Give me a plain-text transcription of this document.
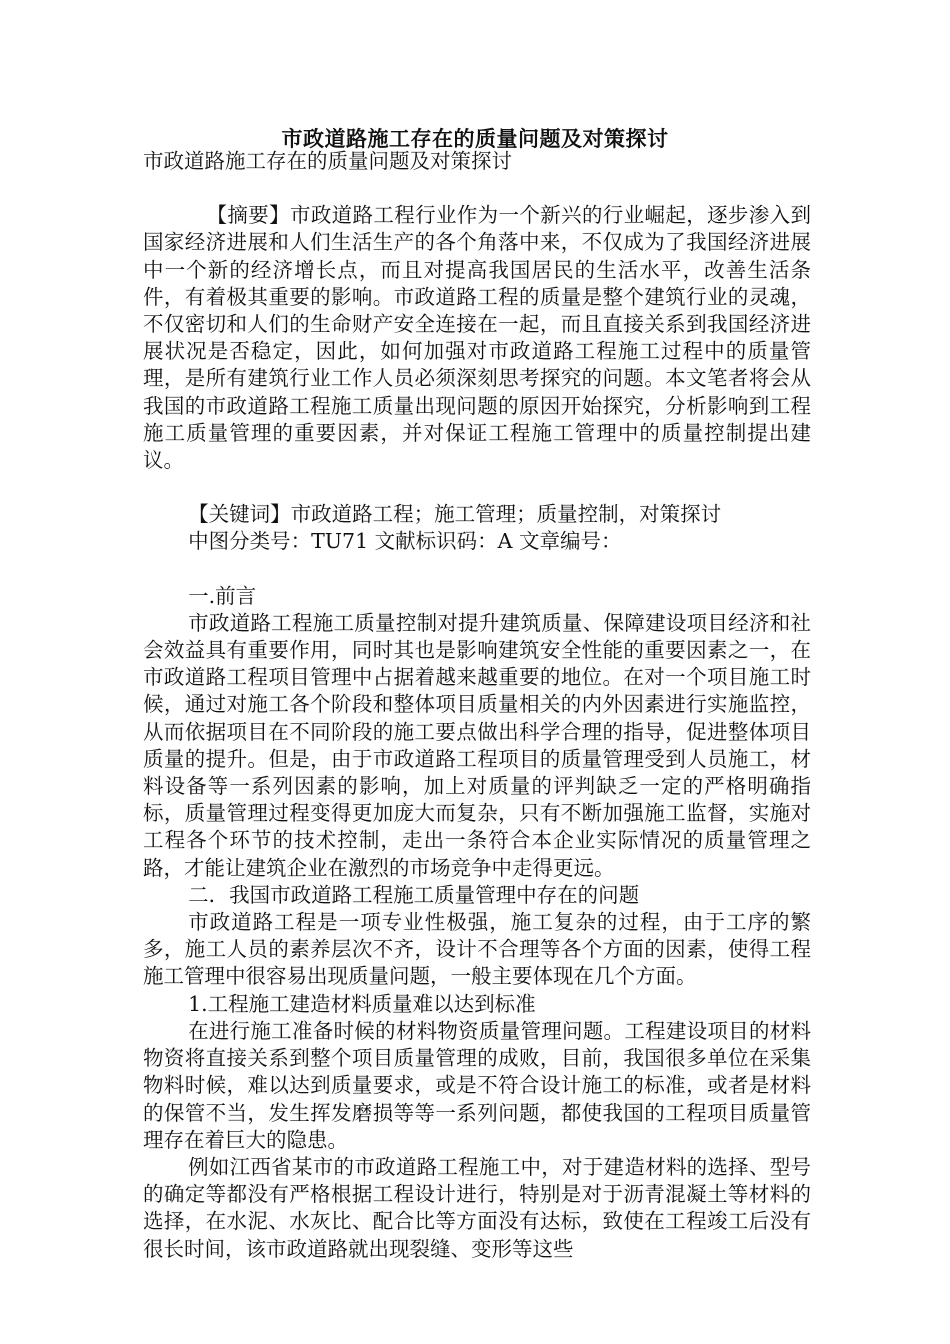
市政道路施工存在的质量问题及对策探讨

市政道路施工存在的质量问题及对策探讨

【摘要】市政道路工程行业作为一个新兴的行业崛起，逐步渗入到国家经济进展和人们生活生产的各个角落中来，不仅成为了我国经济进展中一个新的经济增长点，而且对提高我国居民的生活水平，改善生活条件，有着极其重要的影响。市政道路工程的质量是整个建筑行业的灵魂，不仅密切和人们的生命财产安全连接在一起，而且直接关系到我国经济进展状况是否稳定，因此，如何加强对市政道路工程施工过程中的质量管理，是所有建筑行业工作人员必须深刻思考探究的问题。本文笔者将会从我国的市政道路工程施工质量出现问题的原因开始探究，分析影响到工程施工质量管理的重要因素，并对保证工程施工管理中的质量控制提出建议。

【关键词】市政道路工程；施工管理；质量控制，对策探讨

中图分类号：TU71 文献标识码：A 文章编号：

一.前言

市政道路工程施工质量控制对提升建筑质量、保障建设项目经济和社会效益具有重要作用，同时其也是影响建筑安全性能的重要因素之一，在市政道路工程项目管理中占据着越来越重要的地位。在对一个项目施工时候，通过对施工各个阶段和整体项目质量相关的内外因素进行实施监控，从而依据项目在不同阶段的施工要点做出科学合理的指导，促进整体项目质量的提升。但是，由于市政道路工程项目的质量管理受到人员施工，材料设备等一系列因素的影响，加上对质量的评判缺乏一定的严格明确指标，质量管理过程变得更加庞大而复杂，只有不断加强施工监督，实施对工程各个环节的技术控制，走出一条符合本企业实际情况的质量管理之路，才能让建筑企业在激烈的市场竞争中走得更远。

二．我国市政道路工程施工质量管理中存在的问题

市政道路工程是一项专业性极强，施工复杂的过程，由于工序的繁多，施工人员的素养层次不齐，设计不合理等各个方面的因素，使得工程施工管理中很容易出现质量问题，一般主要体现在几个方面。

1.工程施工建造材料质量难以达到标准

在进行施工准备时候的材料物资质量管理问题。工程建设项目的材料物资将直接关系到整个项目质量管理的成败，目前，我国很多单位在采集物料时候，难以达到质量要求，或是不符合设计施工的标准，或者是材料的保管不当，发生挥发磨损等等一系列问题，都使我国的工程项目质量管理存在着巨大的隐患。

例如江西省某市的市政道路工程施工中，对于建造材料的选择、型号的确定等都没有严格根据工程设计进行，特别是对于沥青混凝土等材料的选择，在水泥、水灰比、配合比等方面没有达标，致使在工程竣工后没有很长时间，该市政道路就出现裂缝、变形等这些
